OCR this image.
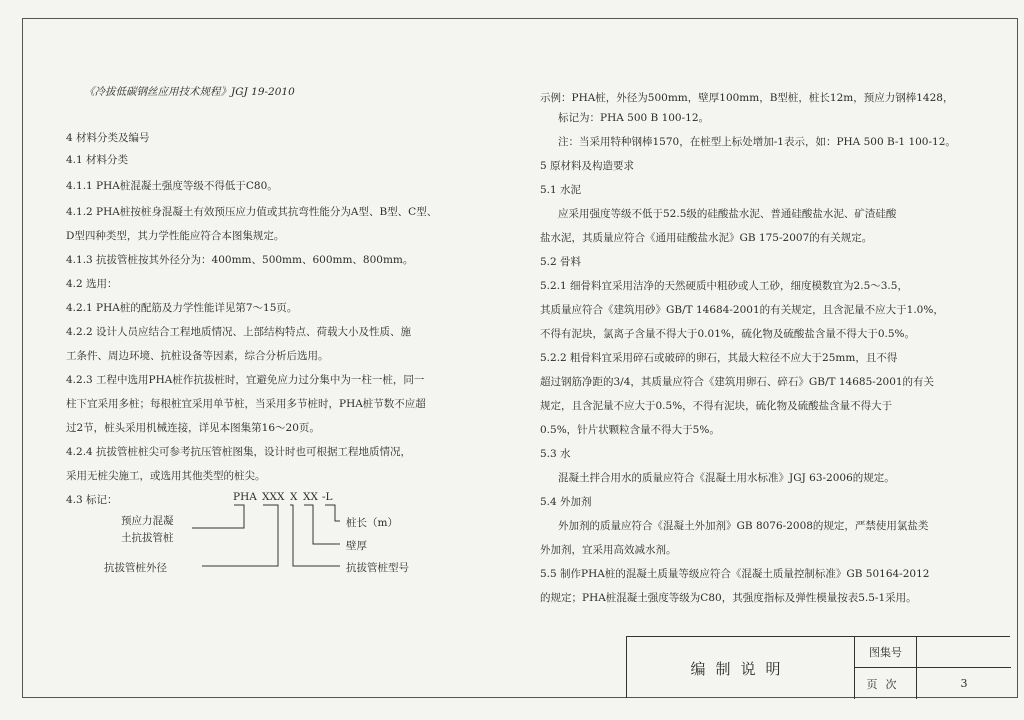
《冷拔低碳钢丝应用技术规程》JGJ 19-2010
4 材料分类及编号
4.1 材料分类
4.1.1 PHA桩混凝土强度等级不得低于C80。
4.1.2 PHA桩按桩身混凝土有效预压应力值或其抗弯性能分为A型、B型、C型、
D型四种类型，其力学性能应符合本图集规定。
4.1.3 抗拔管桩按其外径分为：400mm、500mm、600mm、800mm。
4.2 选用：
4.2.1 PHA桩的配筋及力学性能详见第7～15页。
4.2.2 设计人员应结合工程地质情况、上部结构特点、荷载大小及性质、施
工条件、周边环境、抗桩设备等因素，综合分析后选用。
4.2.3 工程中选用PHA桩作抗拔桩时，宜避免应力过分集中为一柱一桩，同一
柱下宜采用多桩；每根桩宜采用单节桩，当采用多节桩时，PHA桩节数不应超
过2节，桩头采用机械连接，详见本图集第16～20页。
4.2.4 抗拔管桩桩尖可参考抗压管桩图集，设计时也可根据工程地质情况，
采用无桩尖施工，或选用其他类型的桩尖。
4.3 标记：	PHA XXX X XX -L
预应力混凝
土抗拔管桩
抗拔管桩外径
桩长（m）
壁厚
抗拔管桩型号
示例：PHA桩，外径为500mm，壁厚100mm，B型桩，桩长12m，预应力钢棒1428，
标记为：PHA 500 B 100-12。
注：当采用特种钢棒1570，在桩型上标处增加-1表示，如：PHA 500 B-1 100-12。
5 原材料及构造要求
5.1 水泥
应采用强度等级不低于52.5级的硅酸盐水泥、普通硅酸盐水泥、矿渣硅酸
盐水泥，其质量应符合《通用硅酸盐水泥》GB 175-2007的有关规定。
5.2 骨料
5.2.1 细骨料宜采用洁净的天然硬质中粗砂或人工砂，细度模数宜为2.5～3.5，
其质量应符合《建筑用砂》GB/T 14684-2001的有关规定，且含泥量不应大于1.0%，
不得有泥块，氯离子含量不得大于0.01%，硫化物及硫酸盐含量不得大于0.5%。
5.2.2 粗骨料宜采用碎石或破碎的卵石，其最大粒径不应大于25mm，且不得
超过钢筋净距的3/4，其质量应符合《建筑用卵石、碎石》GB/T 14685-2001的有关
规定，且含泥量不应大于0.5%，不得有泥块，硫化物及硫酸盐含量不得大于
0.5%，针片状颗粒含量不得大于5%。
5.3 水
混凝土拌合用水的质量应符合《混凝土用水标准》JGJ 63-2006的规定。
5.4 外加剂
外加剂的质量应符合《混凝土外加剂》GB 8076-2008的规定，严禁使用氯盐类
外加剂，宜采用高效减水剂。
5.5 制作PHA桩的混凝土质量等级应符合《混凝土质量控制标准》GB 50164-2012
的规定；PHA桩混凝土强度等级为C80，其强度指标及弹性模量按表5.5-1采用。
编制说明
图集号
页次	3
